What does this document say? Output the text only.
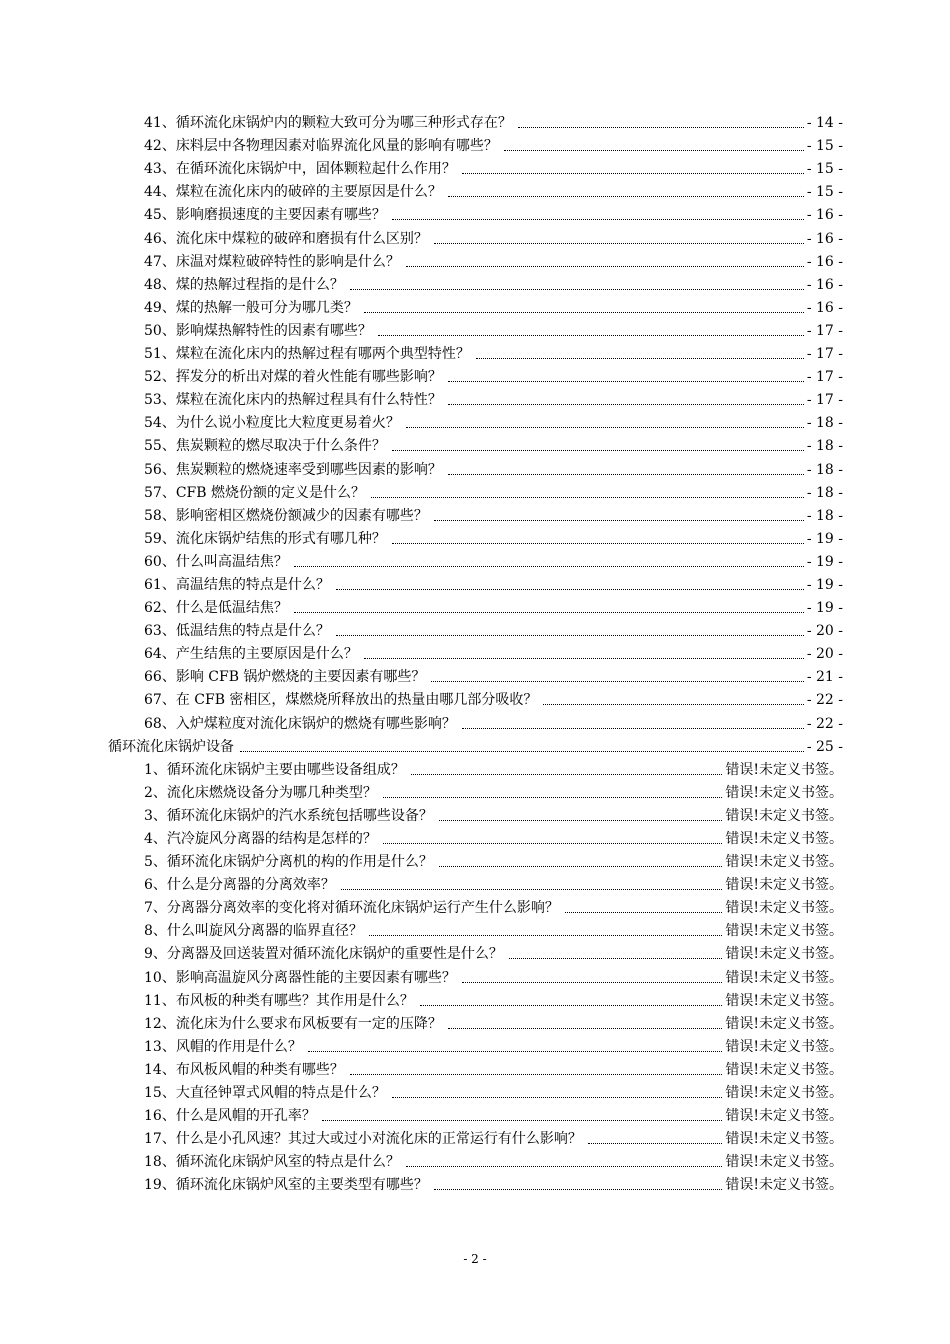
41、循环流化床锅炉内的颗粒大致可分为哪三种形式存在？	- 14 -
42、床料层中各物理因素对临界流化风量的影响有哪些？	- 15 -
43、在循环流化床锅炉中，固体颗粒起什么作用？	- 15 -
44、煤粒在流化床内的破碎的主要原因是什么？	- 15 -
45、影响磨损速度的主要因素有哪些？	- 16 -
46、流化床中煤粒的破碎和磨损有什么区别？	- 16 -
47、床温对煤粒破碎特性的影响是什么？	- 16 -
48、煤的热解过程指的是什么？	- 16 -
49、煤的热解一般可分为哪几类？	- 16 -
50、影响煤热解特性的因素有哪些？	- 17 -
51、煤粒在流化床内的热解过程有哪两个典型特性？	- 17 -
52、挥发分的析出对煤的着火性能有哪些影响？	- 17 -
53、煤粒在流化床内的热解过程具有什么特性？	- 17 -
54、为什么说小粒度比大粒度更易着火？	- 18 -
55、焦炭颗粒的燃尽取决于什么条件？	- 18 -
56、焦炭颗粒的燃烧速率受到哪些因素的影响？	- 18 -
57、CFB 燃烧份额的定义是什么？	- 18 -
58、影响密相区燃烧份额减少的因素有哪些？	- 18 -
59、流化床锅炉结焦的形式有哪几种？	- 19 -
60、什么叫高温结焦？	- 19 -
61、高温结焦的特点是什么？	- 19 -
62、什么是低温结焦？	- 19 -
63、低温结焦的特点是什么？	- 20 -
64、产生结焦的主要原因是什么？	- 20 -
66、影响 CFB 锅炉燃烧的主要因素有哪些？	- 21 -
67、在 CFB 密相区，煤燃烧所释放出的热量由哪几部分吸收？	- 22 -
68、入炉煤粒度对流化床锅炉的燃烧有哪些影响？	- 22 -
循环流化床锅炉设备	- 25 -
1、循环流化床锅炉主要由哪些设备组成？	错误!未定义书签。
2、流化床燃烧设备分为哪几种类型？	错误!未定义书签。
3、循环流化床锅炉的汽水系统包括哪些设备？	错误!未定义书签。
4、汽冷旋风分离器的结构是怎样的？	错误!未定义书签。
5、循环流化床锅炉分离机的构的作用是什么？	错误!未定义书签。
6、什么是分离器的分离效率？	错误!未定义书签。
7、分离器分离效率的变化将对循环流化床锅炉运行产生什么影响？	错误!未定义书签。
8、什么叫旋风分离器的临界直径？	错误!未定义书签。
9、分离器及回送装置对循环流化床锅炉的重要性是什么？	错误!未定义书签。
10、影响高温旋风分离器性能的主要因素有哪些？	错误!未定义书签。
11、布风板的种类有哪些？其作用是什么？	错误!未定义书签。
12、流化床为什么要求布风板要有一定的压降？	错误!未定义书签。
13、风帽的作用是什么？	错误!未定义书签。
14、布风板风帽的种类有哪些？	错误!未定义书签。
15、大直径钟罩式风帽的特点是什么？	错误!未定义书签。
16、什么是风帽的开孔率？	错误!未定义书签。
17、什么是小孔风速？其过大或过小对流化床的正常运行有什么影响？	错误!未定义书签。
18、循环流化床锅炉风室的特点是什么？	错误!未定义书签。
19、循环流化床锅炉风室的主要类型有哪些？	错误!未定义书签。
- 2 -
